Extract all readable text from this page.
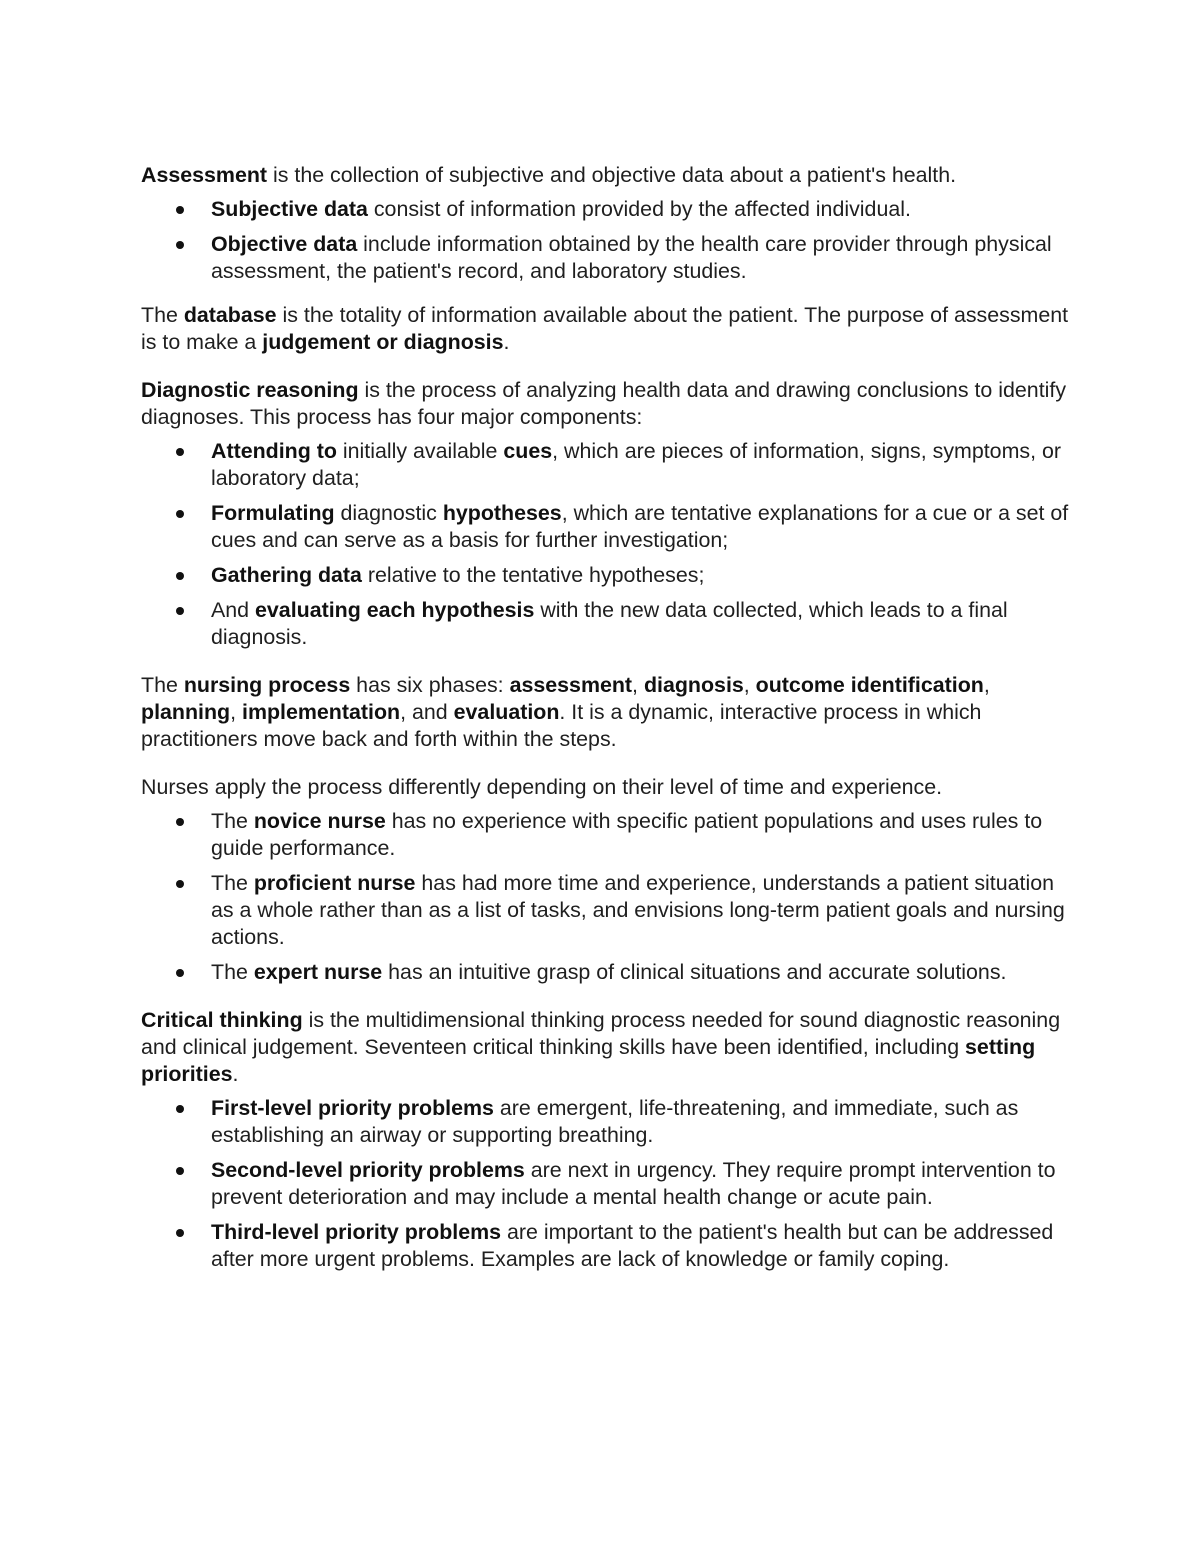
Assessment is the collection of subjective and objective data about a patient's health.

Subjective data consist of information provided by the affected individual.
Objective data include information obtained by the health care provider through physical assessment, the patient's record, and laboratory studies.

The database is the totality of information available about the patient. The purpose of assessment is to make a judgement or diagnosis.

Diagnostic reasoning is the process of analyzing health data and drawing conclusions to identify diagnoses. This process has four major components:

Attending to initially available cues, which are pieces of information, signs, symptoms, or laboratory data;
Formulating diagnostic hypotheses, which are tentative explanations for a cue or a set of cues and can serve as a basis for further investigation;
Gathering data relative to the tentative hypotheses;
And evaluating each hypothesis with the new data collected, which leads to a final diagnosis.

The nursing process has six phases: assessment, diagnosis, outcome identification, planning, implementation, and evaluation. It is a dynamic, interactive process in which practitioners move back and forth within the steps.

Nurses apply the process differently depending on their level of time and experience.

The novice nurse has no experience with specific patient populations and uses rules to guide performance.
The proficient nurse has had more time and experience, understands a patient situation as a whole rather than as a list of tasks, and envisions long-term patient goals and nursing actions.
The expert nurse has an intuitive grasp of clinical situations and accurate solutions.

Critical thinking is the multidimensional thinking process needed for sound diagnostic reasoning and clinical judgement. Seventeen critical thinking skills have been identified, including setting priorities.

First-level priority problems are emergent, life-threatening, and immediate, such as establishing an airway or supporting breathing.
Second-level priority problems are next in urgency. They require prompt intervention to prevent deterioration and may include a mental health change or acute pain.
Third-level priority problems are important to the patient's health but can be addressed after more urgent problems. Examples are lack of knowledge or family coping.
